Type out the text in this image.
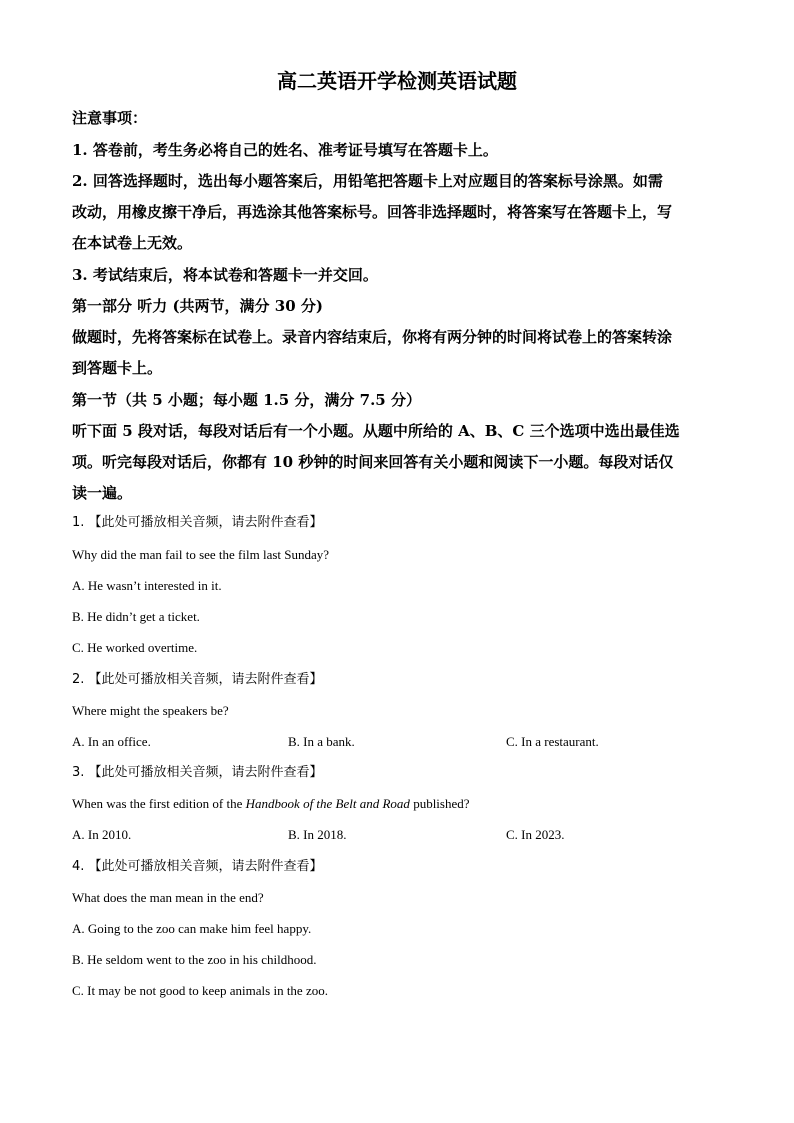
高二英语开学检测英语试题

注意事项：

1. 答卷前，考生务必将自己的姓名、准考证号填写在答题卡上。

2. 回答选择题时，选出每小题答案后，用铅笔把答题卡上对应题目的答案标号涂黑。如需

改动，用橡皮擦干净后，再选涂其他答案标号。回答非选择题时，将答案写在答题卡上，写

在本试卷上无效。

3. 考试结束后，将本试卷和答题卡一并交回。

第一部分 听力 (共两节，满分 30 分)

做题时，先将答案标在试卷上。录音内容结束后，你将有两分钟的时间将试卷上的答案转涂

到答题卡上。

第一节（共 5 小题；每小题 1.5 分，满分 7.5 分）

听下面 5 段对话，每段对话后有一个小题。从题中所给的 A、B、C 三个选项中选出最佳选

项。听完每段对话后，你都有 10 秒钟的时间来回答有关小题和阅读下一小题。每段对话仅

读一遍。

1. 【此处可播放相关音频，请去附件查看】

Why did the man fail to see the film last Sunday?

A. He wasn’t interested in it.

B. He didn’t get a ticket.

C. He worked overtime.

2. 【此处可播放相关音频，请去附件查看】

Where might the speakers be?

A. In an office.	B. In a bank.	C. In a restaurant.

3. 【此处可播放相关音频，请去附件查看】

When was the first edition of the Handbook of the Belt and Road published?

A. In 2010.	B. In 2018.	C. In 2023.

4. 【此处可播放相关音频，请去附件查看】

What does the man mean in the end?

A. Going to the zoo can make him feel happy.

B. He seldom went to the zoo in his childhood.

C. It may be not good to keep animals in the zoo.
